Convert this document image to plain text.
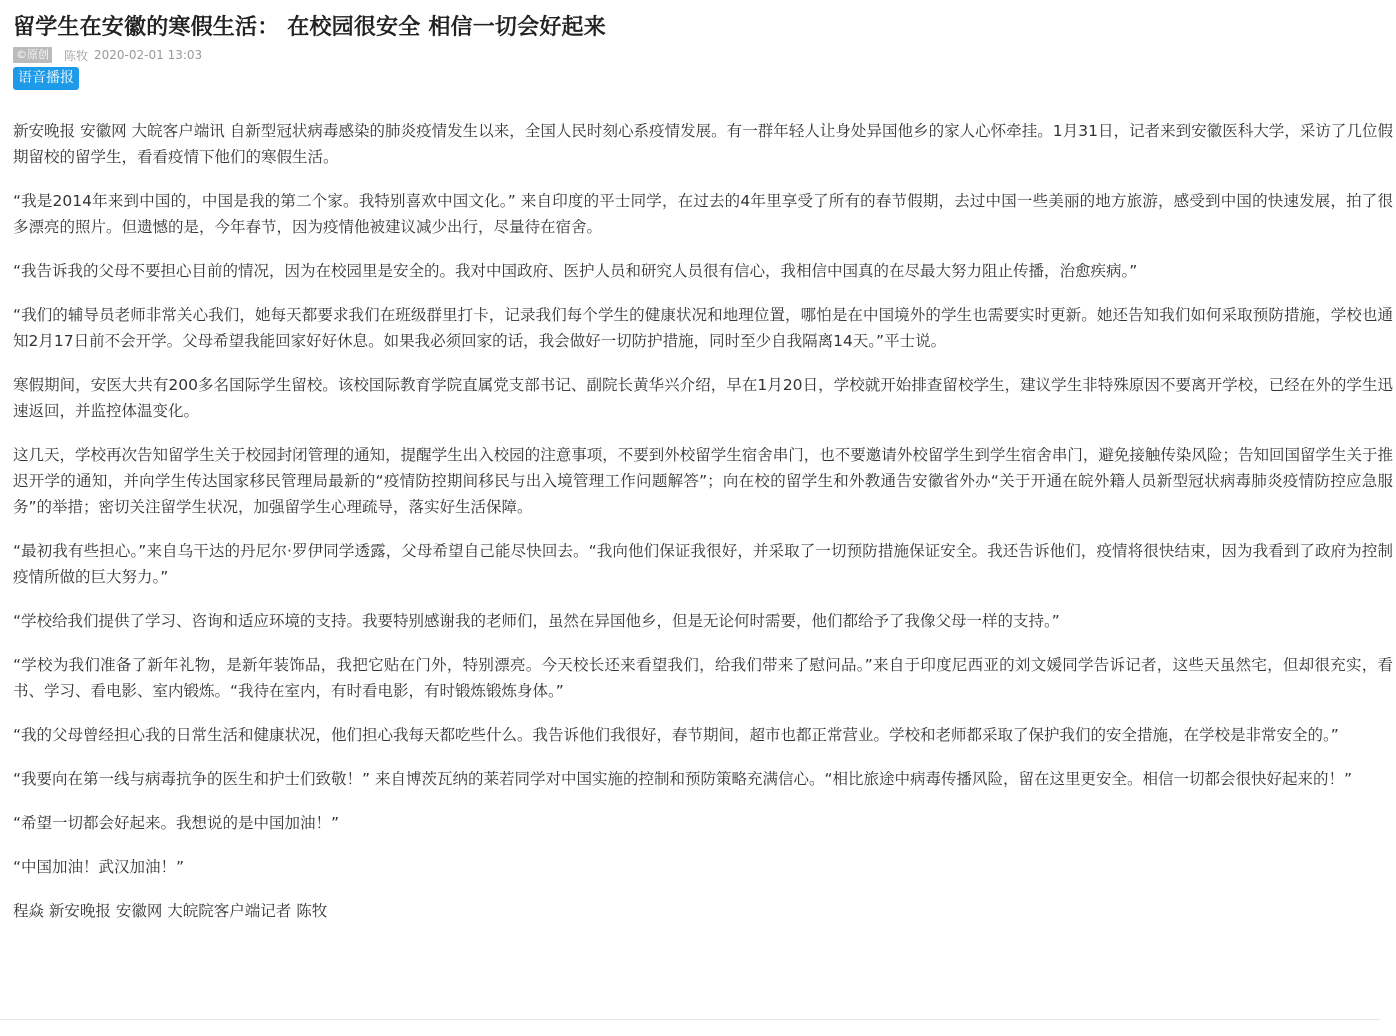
留学生在安徽的寒假生活： 在校园很安全 相信一切会好起来
©原创 陈牧 2020-02-01 13:03
语音播报

新安晚报 安徽网 大皖客户端讯 自新型冠状病毒感染的肺炎疫情发生以来，全国人民时刻心系疫情发展。有一群年轻人让身处异国他乡的家人心怀牵挂。1月31日，记者来到安徽医科大学，采访了几位假期留校的留学生，看看疫情下他们的寒假生活。

“我是2014年来到中国的，中国是我的第二个家。我特别喜欢中国文化。” 来自印度的平士同学，在过去的4年里享受了所有的春节假期，去过中国一些美丽的地方旅游，感受到中国的快速发展，拍了很多漂亮的照片。但遗憾的是，今年春节，因为疫情他被建议减少出行，尽量待在宿舍。

“我告诉我的父母不要担心目前的情况，因为在校园里是安全的。我对中国政府、医护人员和研究人员很有信心，我相信中国真的在尽最大努力阻止传播，治愈疾病。”

“我们的辅导员老师非常关心我们，她每天都要求我们在班级群里打卡，记录我们每个学生的健康状况和地理位置，哪怕是在中国境外的学生也需要实时更新。她还告知我们如何采取预防措施，学校也通知2月17日前不会开学。父母希望我能回家好好休息。如果我必须回家的话，我会做好一切防护措施，同时至少自我隔离14天。”平士说。

寒假期间，安医大共有200多名国际学生留校。该校国际教育学院直属党支部书记、副院长黄华兴介绍，早在1月20日，学校就开始排查留校学生，建议学生非特殊原因不要离开学校，已经在外的学生迅速返回，并监控体温变化。

这几天，学校再次告知留学生关于校园封闭管理的通知，提醒学生出入校园的注意事项，不要到外校留学生宿舍串门，也不要邀请外校留学生到学生宿舍串门，避免接触传染风险；告知回国留学生关于推迟开学的通知，并向学生传达国家移民管理局最新的“疫情防控期间移民与出入境管理工作问题解答”；向在校的留学生和外教通告安徽省外办“关于开通在皖外籍人员新型冠状病毒肺炎疫情防控应急服务”的举措；密切关注留学生状况，加强留学生心理疏导，落实好生活保障。

“最初我有些担心。”来自乌干达的丹尼尔·罗伊同学透露，父母希望自己能尽快回去。“我向他们保证我很好，并采取了一切预防措施保证安全。我还告诉他们，疫情将很快结束，因为我看到了政府为控制疫情所做的巨大努力。”

“学校给我们提供了学习、咨询和适应环境的支持。我要特别感谢我的老师们，虽然在异国他乡，但是无论何时需要，他们都给予了我像父母一样的支持。”

“学校为我们准备了新年礼物，是新年装饰品，我把它贴在门外，特别漂亮。今天校长还来看望我们，给我们带来了慰问品。”来自于印度尼西亚的刘文媛同学告诉记者，这些天虽然宅，但却很充实，看书、学习、看电影、室内锻炼。“我待在室内，有时看电影，有时锻炼锻炼身体。”

“我的父母曾经担心我的日常生活和健康状况，他们担心我每天都吃些什么。我告诉他们我很好，春节期间，超市也都正常营业。学校和老师都采取了保护我们的安全措施，在学校是非常安全的。”

“我要向在第一线与病毒抗争的医生和护士们致敬！” 来自博茨瓦纳的莱若同学对中国实施的控制和预防策略充满信心。“相比旅途中病毒传播风险，留在这里更安全。相信一切都会很快好起来的！”

“希望一切都会好起来。我想说的是中国加油！”

“中国加油！武汉加油！”

程焱 新安晚报 安徽网 大皖院客户端记者 陈牧
